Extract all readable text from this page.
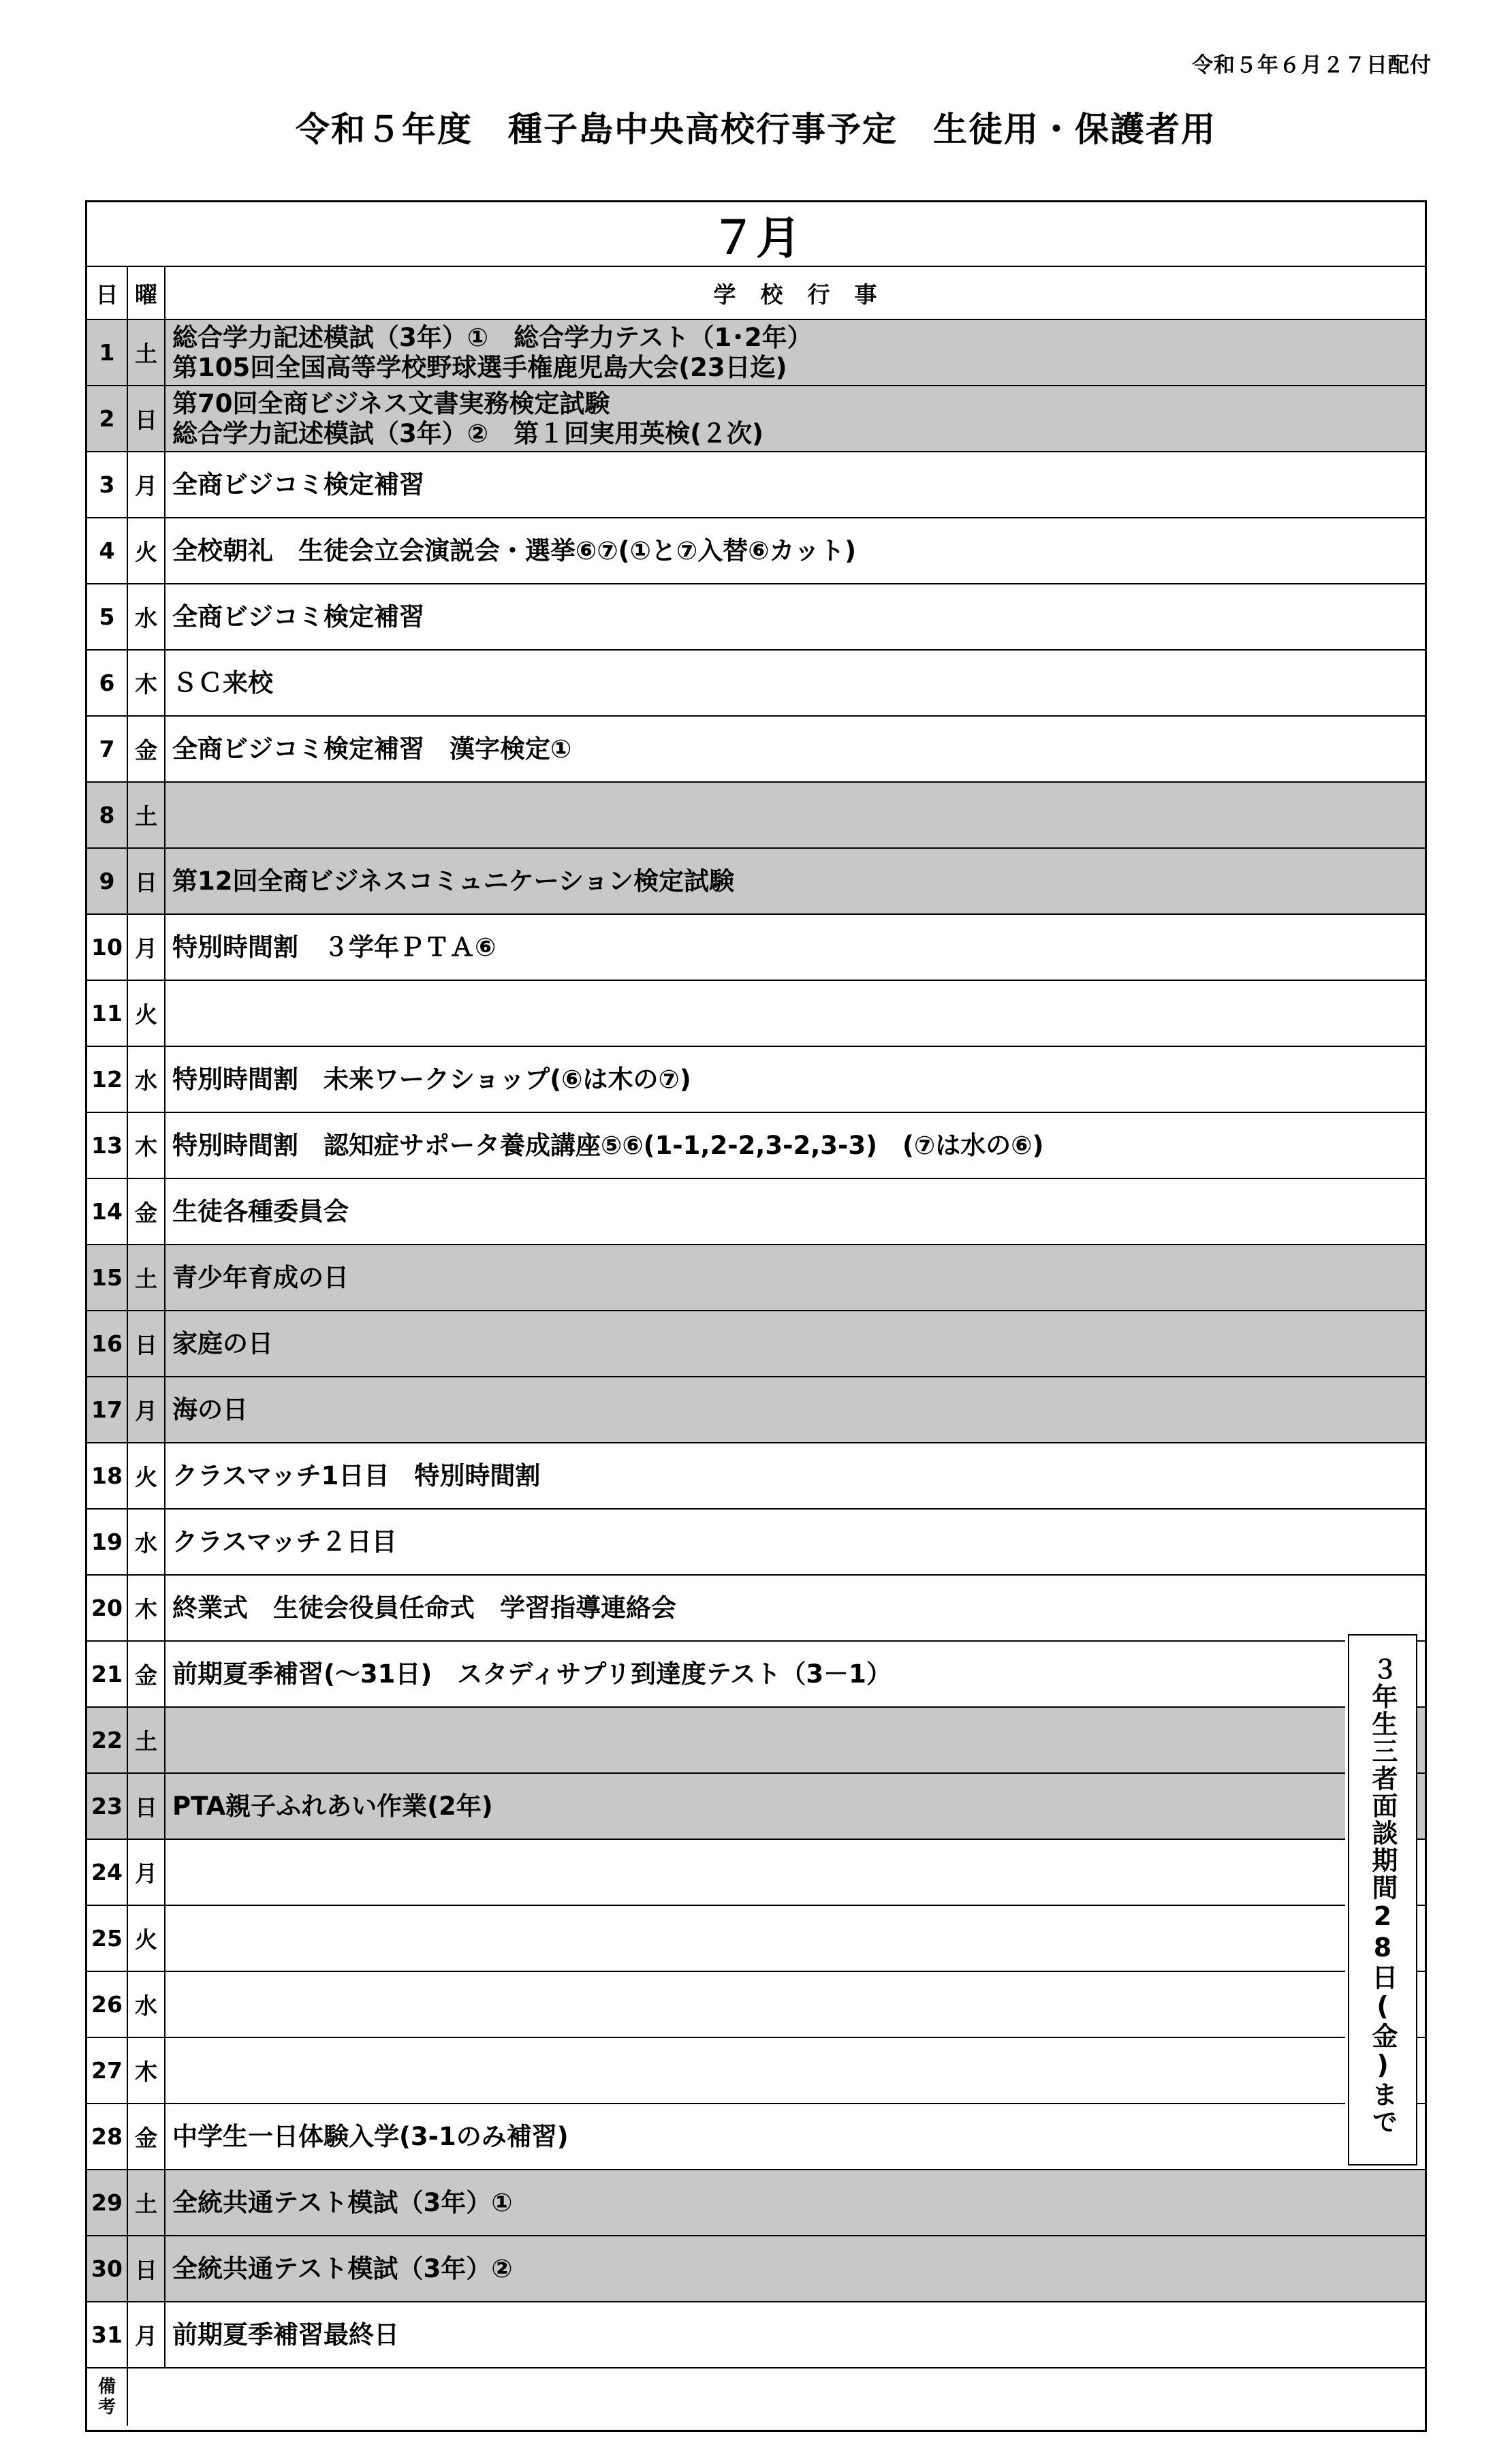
令和５年６月２７日配付
令和５年度　種子島中央高校行事予定　生徒用・保護者用
７月
日 曜	学校行事
1 土
総合学力記述模試（3年）①　総合学力テスト（1･2年）
第105回全国高等学校野球選手権鹿児島大会(23日迄)
2 日
第70回全商ビジネス文書実務検定試験
総合学力記述模試（3年）②　第１回実用英検(２次)
3 月 全商ビジコミ検定補習
4 火 全校朝礼　生徒会立会演説会・選挙⑥⑦(①と⑦入替⑥カット)
5 水 全商ビジコミ検定補習
6 木 ＳＣ来校
7 金 全商ビジコミ検定補習　漢字検定①
8 土
9 日 第12回全商ビジネスコミュニケーション検定試験
10 月 特別時間割　３学年ＰＴＡ⑥
11 火
12 水 特別時間割　未来ワークショップ(⑥は木の⑦)
13 木 特別時間割　認知症サポータ養成講座⑤⑥(1-1,2-2,3-2,3-3)　(⑦は水の⑥)
14 金 生徒各種委員会
15 土 青少年育成の日
16 日 家庭の日
17 月 海の日
18 火 クラスマッチ1日目　特別時間割
19 水 クラスマッチ２日目
20 木 終業式　生徒会役員任命式　学習指導連絡会
21 金 前期夏季補習(～31日)　スタディサプリ到達度テスト（3－1）
22 土
23 日 PTA親子ふれあい作業(2年)
24 月
25 火
26 水
27 木
28 金 中学生一日体験入学(3-1のみ補習)
29 土 全統共通テスト模試（3年）①
30 日 全統共通テスト模試（3年）②
31 月 前期夏季補習最終日
備
考
３年生三者面談期間28日(金)まで
